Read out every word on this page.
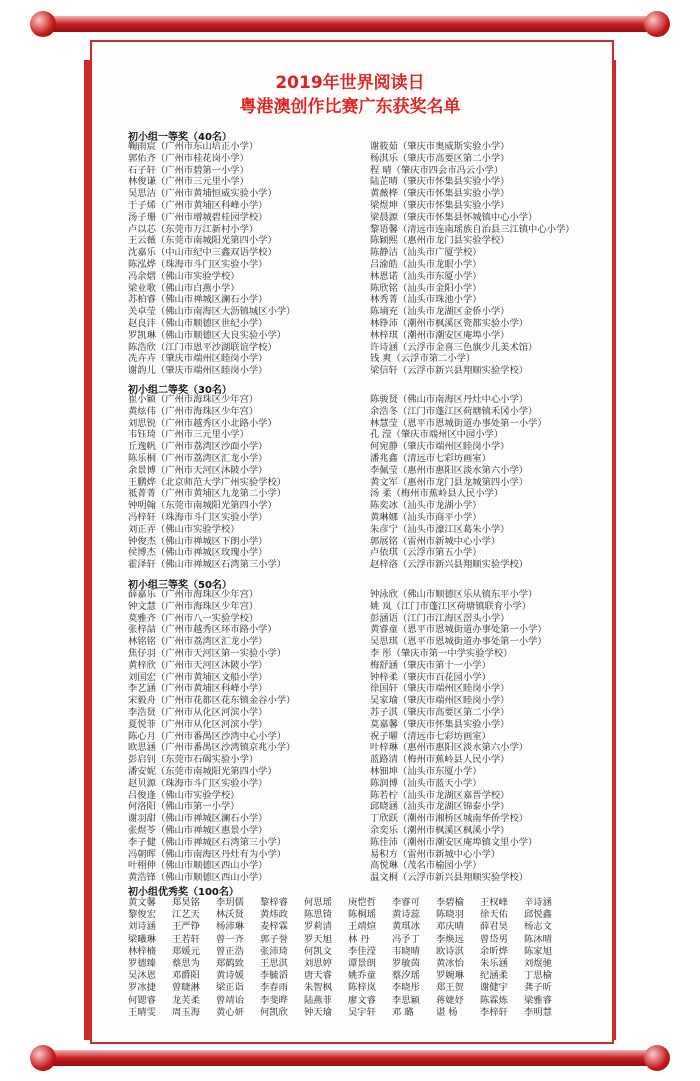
2019年世界阅读日
粤港澳创作比赛广东获奖名单
初小组一等奖（40名）
鞠雨宸（广州市东山培正小学）
郭佑齐（广州市桂花岗小学）
石子轩（广州市碧第一小学）
林俊谦（广州市三元里小学）
吴思洁（广州市黄埔恒威实验小学）
于子烯（广州市黄埔区科峰小学）
汤子珊（广州市增城碧桂园学校）
卢以芯（东莞市万江新村小学）
王云薇（东莞市南城阳光第四小学）
沈嘉乐（中山市纪中三鑫双语学校）
陈泓烨（珠海市斗门区实验小学）
冯余熠（佛山市实验学校）
梁业歌（佛山市白燕小学）
苏柏睿（佛山市禅城区澜石小学）
关卓莹（佛山市南海区大沥镇城区小学）
赵良沣（佛山市顺德区世纪小学）
罗凯琳（佛山市顺德区大良实验小学）
陈浩欣（江门市恩平沙湖联谊学校）
冼卉卉（肇庆市端州区睦岗小学）
谢韵儿（肇庆市端州区睦岗小学）
谢筱茹（肇庆市奥威斯实验小学）
杨淇乐（肇庆市高要区第二小学）
程 晴（肇庆市四会市冯云小学）
陆芷晴（肇庆市怀集县实验小学）
黄薇桦（肇庆市怀集县实验小学）
梁煜坤（肇庆市怀集县实验小学）
梁晨源（肇庆市怀集县怀城镇中心小学）
黎语馨（清远市连南瑶族自治县三江镇中心小学）
陈颖熙（惠州市龙门县实验学校）
陈静洁（汕头市广厦学校）
吕渝皓（汕头市龙眼小学）
林恩诺（汕头市东厦小学）
陈欣铭（汕头市金阳小学）
林秀菁（汕头市珠池小学）
陈墒充（汕头市龙湖区金侨小学）
林铮沛（潮州市枫溪区瓷都实验小学）
林梓琪（潮州市潮安区庵埠小学）
许诗涵（云浮市金喜三色旗少儿美术馆）
钱 爽（云浮市第二小学）
梁信轩（云浮市新兴县翔顺实验学校）
初小组二等奖（30名）
崔小颖（广州市海珠区少年宫）
黄炫伟（广州市海珠区少年宫）
刘思锐（广州市越秀区小北路小学）
韦钰琦（广州市三元里小学）
丘逸帆（广州市荔湾区沙面小学）
陈乐桐（广州市荔湾区汇龙小学）
余景博（广州市天河区沐陂小学）
王鹏烨（北京师范大学广州实验学校）
祗菁菁（广州市黄埔区九龙第二小学）
钟明翰（东莞市南城阳光第四小学）
冯梓轩（珠海市斗门区实验小学）
刘正弄（佛山市实验学校）
钟俊杰（佛山市禅城区下朗小学）
侯博杰（佛山市禅城区玫瑰小学）
霍泽轩（佛山市禅城区石湾第三小学）
陈骏贤（佛山市南海区丹灶中心小学）
余浩冬（江门市蓬江区荷塘镇禾冈小学）
林慧莹（恩平市恩城街道办事处第一小学）
孔 滢（肇庆市端州区中园小学）
何宛静（肇庆市端州区睦岗小学）
潘兆鑫（清远市七彩坊画室）
李佩莹（惠州市惠阳区淡水第六小学）
黄文军（惠州市龙门县龙城第四小学）
汤 柔（梅州市蕉岭县人民小学）
陈奕冰（汕头市龙湖小学）
黄琳娜（汕头市商平小学）
朱彦宁（汕头市濠江区葛朱小学）
郭展铭（雷州市新城中心小学）
卢依琪（云浮市第五小学）
赵梓洛（云浮市新兴县翔顺实验学校）
初小组三等奖（50名）
薛嘉乐（广州市海珠区少年宫）
钟文慧（广州市海珠区少年宫）
莫雅齐（广州市八一实验学校）
张梓喆（广州市越秀区环市路小学）
林铭铭（广州市荔湾区汇龙小学）
焦仔羽（广州市天河区第一实验小学）
黄梓欣（广州市天河区沐陂小学）
刘国宏（广州市黄埔区文船小学）
李艺涵（广州市黄埔区科峰小学）
宋毅舟（广州市花都区花东镇金谷小学）
李浩贤（广州市从化区河滨小学）
夏悦菲（广州市从化区河滨小学）
陈心月（广州市番禺区沙湾中心小学）
欧思涵（广州市番禺区沙湾镇京兆小学）
彭启钊（东莞市石碣实验小学）
潘安妮（东莞市南城阳光第四小学）
赵贝源（珠海市斗门区实验小学）
吕俊逢（佛山市实验学校）
何洛阳（佛山市第一小学）
谢羽甜（佛山市禅城区澜石小学）
张煜苓（佛山市禅城区惠景小学）
李子健（佛山市禅城区石湾第三小学）
冯朝晖（佛山市南海区丹灶有为小学）
叶栩伸（佛山市顺德区西山小学）
黄浩锋（佛山市顺德区西山小学）
钟泳欣（佛山市顺德区乐从镇东平小学）
姚 岚（江门市蓬江区荷塘镇联育小学）
彭涵语（江门市江海区滘头小学）
黄睿童（恩平市恩城街道办事处第一小学）
吴思琪（恩平市恩城街道办事处第一小学）
李 彤（肇庆市第一中学实验学校）
梅舒涵（肇庆市第十一小学）
钟梓柔（肇庆市百花园小学）
徐国轩（肇庆市端州区睦岗小学）
吴家瑜（肇庆市端州区睦岗小学）
苏子淇（肇庆市高要区第二小学）
莫嘉馨（肇庆市怀集县实验小学）
祝子曜（清远市七彩坊画室）
叶梓琳（惠州市惠阳区淡水第六小学）
蓝路清（梅州市蕉岭县人民小学）
林钿坤（汕头市东厦小学）
陈润博（汕头市蓝天小学）
陈若柠（汕头市龙湖区嘉晋学校）
邱晓涵（汕头市龙湖区锦泰小学）
丁欣跃（潮州市湘桥区城南华侨学校）
余奕乐（潮州市枫溪区枫溪小学）
陈佳沛（潮州市潮安区庵埠镇文里小学）
易积方（雷州市新城中心小学）
高悦琳（茂名市榆园小学）
温文桐（云浮市新兴县翔顺实验学校）
初小组优秀奖（100名）
黄文馨	郑昊铭	李玥儒	黎梓睿	何思瑶	庚恺哲	李睿可	李碧榆	王权峰	辛诗涵
黎俊宏	江艺天	林沃贤	黄炜政	陈思锜	陈桐瑶	黄诗蕊	陈晓羽	徐天佑	邱悦鑫
刘诗涵	王严铮	杨沛琳	麦梓霖	罗莉清	王靖煊	黄琪冰	邓庆晴	薛君昊	杨志文
梁曦琳	王若轩	曾一齐	郭子誉	罗天旭	林 丹	冯予丁	李焕远	曾岱男	陈沐晴
林梓楠	郑媛元	曾正浩	张沛琦	何凯文	李佳滢	韦晓晴	欧诗淇	余昕烨	陈家旭
罗德臻	蔡思为	郑鹤致	王思淇	刘思婷	谭景朗	罗敏茵	黄冰怡	朱乐涵	刘煜驰
吴沐恩	邓爵阳	黄诗媛	李毓滔	唐天睿	姚乔童	蔡汐瑶	罗婉琳	纪涵柔	丁思榆
罗冰捷	曾睫淋	梁正诣	李春雨	朱智枫	陈梓岚	李晓彤	郑王贺	谢健宇	龚子昕
何锶睿	龙芙柔	曾靖诒	李斐晔	陆燕菲	廖文睿	李思颖	蒋婕妤	陈霖炼	梁雅睿
王晴雯	周玉海	黄心妍	何凯欣	钟天瑜	吴宇轩	邓 璐	谌 杨	李梓轩	李明慧
